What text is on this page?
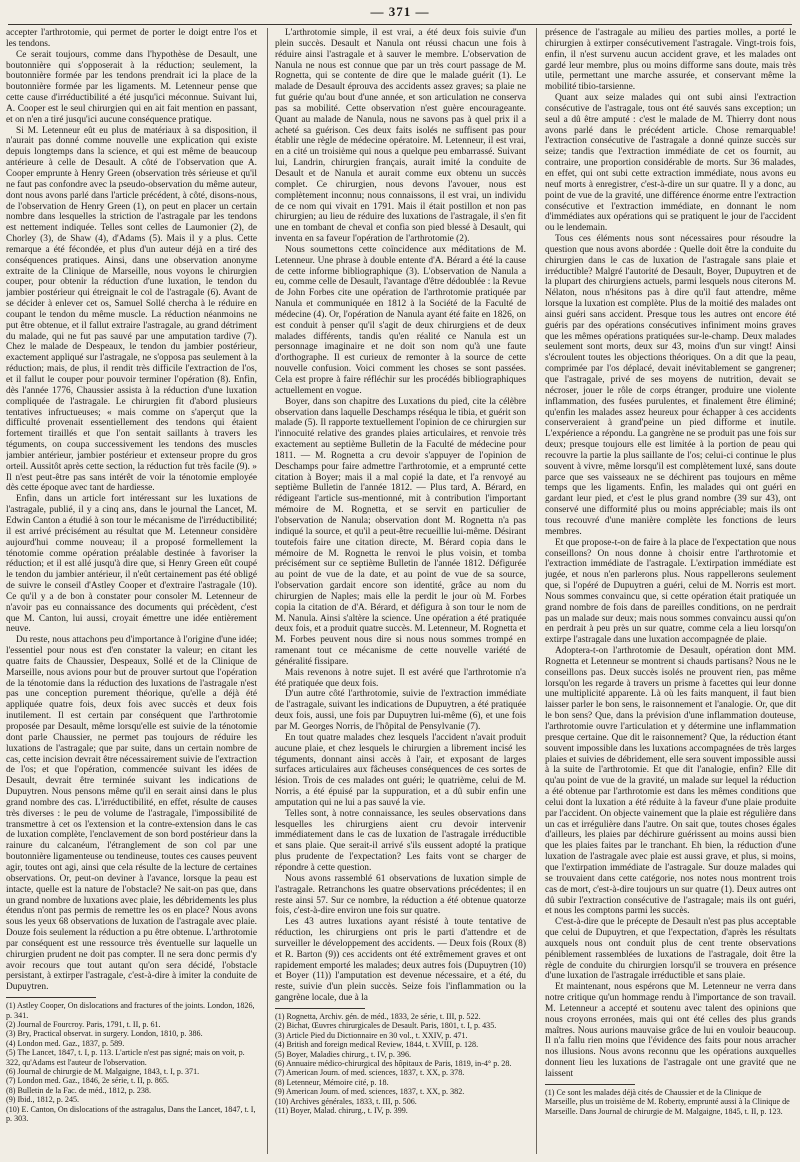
— 371 —

accepter l'arthrotomie, qui permet de porter le doigt entre l'os et les tendons.

Ce serait toujours, comme dans l'hypothèse de Desault, une boutonnière qui s'opposerait à la réduction; seulement, la boutonnière formée par les tendons prendrait ici la place de la boutonnière formée par les ligaments. M. Letenneur pense que cette cause d'irréductibilité a été jusqu'ici méconnue. Suivant lui, A. Cooper est le seul chirurgien qui en ait fait mention en passant, et on n'en a tiré jusqu'ici aucune conséquence pratique.

Si M. Letenneur eût eu plus de matériaux à sa disposition, il n'aurait pas donné comme nouvelle une explication qui existe depuis longtemps dans la science, et qui est même de beaucoup antérieure à celle de Desault. A côté de l'observation que A. Cooper emprunte à Henry Green (observation très sérieuse et qu'il ne faut pas confondre avec la pseudo-observation du même auteur, dont nous avons parlé dans l'article précédent, à côté, disons-nous, de l'observation de Henry Green (1), on peut en placer un certain nombre dans lesquelles la striction de l'astragale par les tendons est nettement indiquée. Telles sont celles de Laumonier (2), de Chorley (3), de Shaw (4), d'Adams (5). Mais il y a plus. Cette remarque a été fécondée, et plus d'un auteur déjà en a tiré des conséquences pratiques. Ainsi, dans une observation anonyme extraite de la Clinique de Marseille, nous voyons le chirurgien couper, pour obtenir la réduction d'une luxation, le tendon du jambier postérieur qui étreignait le col de l'astragale (6). Avant de se décider à enlever cet os, Samuel Sollé chercha à le réduire en coupant le tendon du même muscle. La réduction néanmoins ne put être obtenue, et il fallut extraire l'astragale, au grand détriment du malade, qui ne fut pas sauvé par une amputation tardive (7). Chez le malade de Despeaux, le tendon du jambier postérieur, exactement appliqué sur l'astragale, ne s'opposa pas seulement à la réduction; mais, de plus, il rendit très difficile l'extraction de l'os, et il fallut le couper pour pouvoir terminer l'opération (8). Enfin, dès l'année 1776, Chaussier assista à la réduction d'une luxation compliquée de l'astragale. Le chirurgien fit d'abord plusieurs tentatives infructueuses; « mais comme on s'aperçut que la difficulté provenait essentiellement des tendons qui étaient fortement tiraillés et que l'on sentait saillants à travers les téguments, on coupa successivement les tendons des muscles jambier antérieur, jambier postérieur et extenseur propre du gros orteil. Aussitôt après cette section, la réduction fut très facile (9). » Il n'est peut-être pas sans intérêt de voir la ténotomie employée dès cette époque avec tant de hardiesse.

Enfin, dans un article fort intéressant sur les luxations de l'astragale, publié, il y a cinq ans, dans le journal the Lancet, M. Edwin Canton a étudié à son tour le mécanisme de l'irréductibilité; il est arrivé précisément au résultat que M. Letenneur considère aujourd'hui comme nouveau; il a proposé formellement la ténotomie comme opération préalable destinée à favoriser la réduction; et il est allé jusqu'à dire que, si Henry Green eût coupé le tendon du jambier antérieur, il n'eût certainement pas été obligé de suivre le conseil d'Astley Cooper et d'extraire l'astragale (10). Ce qu'il y a de bon à constater pour consoler M. Letenneur de n'avoir pas eu connaissance des documents qui précèdent, c'est que M. Canton, lui aussi, croyait émettre une idée entièrement neuve.

Du reste, nous attachons peu d'importance à l'origine d'une idée; l'essentiel pour nous est d'en constater la valeur; en citant les quatre faits de Chaussier, Despeaux, Sollé et de la Clinique de Marseille, nous avions pour but de prouver surtout que l'opération de la ténotomie dans la réduction des luxations de l'astragale n'est pas une conception purement théorique, qu'elle a déjà été appliquée quatre fois, deux fois avec succès et deux fois inutilement. Il est certain par conséquent que l'arthrotomie proposée par Desault, même lorsqu'elle est suivie de la ténotomie dont parle Chaussier, ne permet pas toujours de réduire les luxations de l'astragale; que par suite, dans un certain nombre de cas, cette incision devrait être nécessairement suivie de l'extraction de l'os; et que l'opération, commencée suivant les idées de Desault, devrait être terminée suivant les indications de Dupuytren. Nous pensons même qu'il en serait ainsi dans le plus grand nombre des cas. L'irréductibilité, en effet, résulte de causes très diverses : le peu de volume de l'astragale, l'impossibilité de transmettre à cet os l'extension et la contre-extension dans le cas de luxation complète, l'enclavement de son bord postérieur dans la rainure du calcanéum, l'étranglement de son col par une boutonnière ligamenteuse ou tendineuse, toutes ces causes peuvent agir, toutes ont agi, ainsi que cela résulte de la lecture de certaines observations. Or, peut-on deviner à l'avance, lorsque la peau est intacte, quelle est la nature de l'obstacle? Ne sait-on pas que, dans un grand nombre de luxations avec plaie, les débridements les plus étendus n'ont pas permis de remettre les os en place? Nous avons sous les yeux 68 observations de luxation de l'astragale avec plaie. Douze fois seulement la réduction a pu être obtenue. L'arthrotomie par conséquent est une ressource très éventuelle sur laquelle un chirurgien prudent ne doit pas compter. Il ne sera donc permis d'y avoir recours que tout autant qu'on sera décidé, l'obstacle persistant, à extirper l'astragale, c'est-à-dire à imiter la conduite de Dupuytren.

(1) Astley Cooper, On dislocations and fractures of the joints. London, 1826, p. 341.
(2) Journal de Fourcroy. Paris, 1791, t. II, p. 61.
(3) Bry, Practical observat. in surgery. London, 1810, p. 386.
(4) London med. Gaz., 1837, p. 589.
(5) The Lancet, 1847, t. I, p. 113. L'article n'est pas signé; mais on voit, p. 322, qu'Adams est l'auteur de l'observation.
(6) Journal de chirurgie de M. Malgaigne, 1843, t. I, p. 371.
(7) London med. Gaz., 1846, 2e série, t. II, p. 865.
(8) Bulletin de la Fac. de méd., 1812, p. 238.
(9) Ibid., 1812, p. 245.
(10) E. Canton, On dislocations of the astragalus, Dans the Lancet, 1847, t. I, p. 303.

L'arthrotomie simple, il est vrai, a été deux fois suivie d'un plein succès. Desault et Nanula ont réussi chacun une fois à réduire ainsi l'astragale et à sauver le membre. L'observation de Nanula ne nous est connue que par un très court passage de M. Rognetta, qui se contente de dire que le malade guérit (1). Le malade de Desault éprouva des accidents assez graves; sa plaie ne fut guérie qu'au bout d'une année, et son articulation ne conserva pas sa mobilité. Cette observation n'est guère encourageante. Quant au malade de Nanula, nous ne savons pas à quel prix il a acheté sa guérison. Ces deux faits isolés ne suffisent pas pour établir une règle de médecine opératoire. M. Letenneur, il est vrai, en a cité un troisième qui nous a quelque peu embarrassé. Suivant lui, Landrin, chirurgien français, aurait imité la conduite de Desault et de Nanula et aurait comme eux obtenu un succès complet. Ce chirurgien, nous devons l'avouer, nous est complètement inconnu; nous connaissons, il est vrai, un individu de ce nom qui vivait en 1791. Mais il était postillon et non pas chirurgien; au lieu de réduire des luxations de l'astragale, il s'en fit une en tombant de cheval et confia son pied blessé à Desault, qui inventa en sa faveur l'opération de l'arthrotomie (2).

Nous soumettons cette coïncidence aux méditations de M. Letenneur. Une phrase à double entente d'A. Bérard a été la cause de cette informe bibliographique (3). L'observation de Nanula a eu, comme celle de Desault, l'avantage d'être dédoublée : la Revue de John Forbes cite une opération de l'arthrotomie pratiquée par Nanula et communiquée en 1812 à la Société de la Faculté de médecine (4). Or, l'opération de Nanula ayant été faite en 1826, on est conduit à penser qu'il s'agit de deux chirurgiens et de deux malades différents, tandis qu'en réalité ce Nanula est un personnage imaginaire et ne doit son nom qu'à une faute d'orthographe. Il est curieux de remonter à la source de cette nouvelle confusion. Voici comment les choses se sont passées. Cela est propre à faire réfléchir sur les procédés bibliographiques actuellement en vogue.

Boyer, dans son chapitre des Luxations du pied, cite la célèbre observation dans laquelle Deschamps réséqua le tibia, et guérit son malade (5). Il rapporte textuellement l'opinion de ce chirurgien sur l'innocuité relative des grandes plaies articulaires, et renvoie très exactement au septième Bulletin de la Faculté de médecine pour 1811. — M. Rognetta a cru devoir s'appuyer de l'opinion de Deschamps pour faire admettre l'arthrotomie, et a emprunté cette citation à Boyer; mais il a mal copié la date, et l'a renvoyé au septième Bulletin de l'année 1812. — Plus tard, A. Bérard, en rédigeant l'article sus-mentionné, mit à contribution l'important mémoire de M. Rognetta, et se servit en particulier de l'observation de Nanula; observation dont M. Rognetta n'a pas indiqué la source, et qu'il a peut-être recueillie lui-même. Désirant toutefois faire une citation directe, M. Bérard copia dans le mémoire de M. Rognetta le renvoi le plus voisin, et tomba précisément sur ce septième Bulletin de l'année 1812. Défigurée au point de vue de la date, et au point de vue de sa source, l'observation gardait encore son identité, grâce au nom du chirurgien de Naples; mais elle la perdit le jour où M. Forbes copia la citation de d'A. Bérard, et défigura à son tour le nom de M. Nanula. Ainsi s'altère la science. Une opération a été pratiquée deux fois, et a produit quatre succès. M. Letenneur, M. Rognetta et M. Forbes peuvent nous dire si nous nous sommes trompé en ramenant tout ce mécanisme de cette nouvelle variété de généralité fissipare.

Mais revenons à notre sujet. Il est avéré que l'arthrotomie n'a été pratiquée que deux fois.

D'un autre côté l'arthrotomie, suivie de l'extraction immédiate de l'astragale, suivant les indications de Dupuytren, a été pratiquée deux fois, aussi, une fois par Dupuytren lui-même (6), et une fois par M. Georges Norris, de l'hôpital de Pensylvanie (7).

En tout quatre malades chez lesquels l'accident n'avait produit aucune plaie, et chez lesquels le chirurgien a librement incisé les téguments, donnant ainsi accès à l'air, et exposant de larges surfaces articulaires aux fâcheuses conséquences de ces sortes de lésion. Trois de ces malades ont guéri; le quatrième, celui de M. Norris, a été épuisé par la suppuration, et a dû subir enfin une amputation qui ne lui a pas sauvé la vie.

Telles sont, à notre connaissance, les seules observations dans lesquelles les chirurgiens aient cru devoir intervenir immédiatement dans le cas de luxation de l'astragale irréductible et sans plaie. Que serait-il arrivé s'ils eussent adopté la pratique plus prudente de l'expectation? Les faits vont se charger de répondre à cette question.

Nous avons rassemblé 61 observations de luxation simple de l'astragale. Retranchons les quatre observations précédentes; il en reste ainsi 57. Sur ce nombre, la réduction a été obtenue quatorze fois, c'est-à-dire environ une fois sur quatre.

Les 43 autres luxations ayant résisté à toute tentative de réduction, les chirurgiens ont pris le parti d'attendre et de surveiller le développement des accidents. — Deux fois (Roux (8) et R. Barton (9)) ces accidents ont été extrêmement graves et ont rapidement emporté les malades; deux autres fois (Dupuytren (10) et Boyer (11)) l'amputation est devenue nécessaire, et a été, du reste, suivie d'un plein succès. Seize fois l'inflammation ou la gangrène locale, due à la

(1) Rognetta, Archiv. gén. de méd., 1833, 2e série, t. III, p. 522.
(2) Bichat, Œuvres chirurgicales de Desault. Paris, 1801, t. I, p. 435.
(3) Article Pied du Dictionnaire en 30 vol., t. XXIV, p. 471.
(4) British and foreign medical Review, 1844, t. XVIII, p. 128.
(5) Boyer, Maladies chirurg., t. IV, p. 396.
(6) Annuaire médico-chirurgical des hôpitaux de Paris, 1819, in-4° p. 28.
(7) American Journ. of med. sciences, 1837, t. XX, p. 378.
(8) Letenneur, Mémoire cité, p. 18.
(9) American Journ. of med. sciences, 1837, t. XX, p. 382.
(10) Archives générales, 1833, t. III, p. 506.
(11) Boyer, Malad. chirurg., t. IV, p. 399.

présence de l'astragale au milieu des parties molles, a porté le chirurgien à extirper consécutivement l'astragale. Vingt-trois fois, enfin, il n'est survenu aucun accident grave, et les malades ont gardé leur membre, plus ou moins difforme sans doute, mais très utile, permettant une marche assurée, et conservant même la mobilité tibio-tarsienne.

Quant aux seize malades qui ont subi ainsi l'extraction consécutive de l'astragale, tous ont été sauvés sans exception; un seul a dû être amputé : c'est le malade de M. Thierry dont nous avons parlé dans le précédent article. Chose remarquable! l'extraction consécutive de l'astragale a donné quinze succès sur seize; tandis que l'extraction immédiate de cet os fournit, au contraire, une proportion considérable de morts. Sur 36 malades, en effet, qui ont subi cette extraction immédiate, nous avons eu neuf morts à enregistrer, c'est-à-dire un sur quatre. Il y a donc, au point de vue de la gravité, une différence énorme entre l'extraction consécutive et l'extraction immédiate, en donnant le nom d'immédiates aux opérations qui se pratiquent le jour de l'accident ou le lendemain.

Tous ces éléments nous sont nécessaires pour résoudre la question que nous avons abordée : Quelle doit être la conduite du chirurgien dans le cas de luxation de l'astragale sans plaie et irréductible? Malgré l'autorité de Desault, Boyer, Dupuytren et de la plupart des chirurgiens actuels, parmi lesquels nous citerons M. Nélaton, nous n'hésitons pas à dire qu'il faut attendre, même lorsque la luxation est complète. Plus de la moitié des malades ont ainsi guéri sans accident. Presque tous les autres ont encore été guéris par des opérations consécutives infiniment moins graves que les mêmes opérations pratiquées sur-le-champ. Deux malades seulement sont morts, deux sur 43, moins d'un sur vingt! Ainsi s'écroulent toutes les objections théoriques. On a dit que la peau, comprimée par l'os déplacé, devait inévitablement se gangrener; que l'astragale, privé de ses moyens de nutrition, devait se nécroser, jouer le rôle de corps étranger, produire une violente inflammation, des fusées purulentes, et finalement être éliminé; qu'enfin les malades assez heureux pour échapper à ces accidents conserveraient à grand'peine un pied difforme et inutile. L'expérience a répondu. La gangrène ne se produit pas une fois sur deux; presque toujours elle est limitée à la portion de peau qui recouvre la partie la plus saillante de l'os; celui-ci continue le plus souvent à vivre, même lorsqu'il est complètement luxé, sans doute parce que ses vaisseaux ne se déchirent pas toujours en même temps que les ligaments. Enfin, les malades qui ont guéri en gardant leur pied, et c'est le plus grand nombre (39 sur 43), ont conservé une difformité plus ou moins appréciable; mais ils ont tous recouvré d'une manière complète les fonctions de leurs membres.

Et que propose-t-on de faire à la place de l'expectation que nous conseillons? On nous donne à choisir entre l'arthrotomie et l'extraction immédiate de l'astragale. L'extirpation immédiate est jugée, et nous n'en parlerons plus. Nous rappellerons seulement que, si l'opéré de Dupuytren a guéri, celui de M. Norris est mort. Nous sommes convaincu que, si cette opération était pratiquée un grand nombre de fois dans de pareilles conditions, on ne perdrait pas un malade sur deux; mais nous sommes convaincu aussi qu'on en perdrait à peu près un sur quatre, comme cela a lieu lorsqu'on extirpe l'astragale dans une luxation accompagnée de plaie.

Adoptera-t-on l'arthrotomie de Desault, opération dont MM. Rognetta et Letenneur se montrent si chauds partisans? Nous ne le conseillons pas. Deux succès isolés ne prouvent rien, pas même lorsqu'on les regarde à travers un prisme à facettes qui leur donne une multiplicité apparente. Là où les faits manquent, il faut bien laisser parler le bon sens, le raisonnement et l'analogie. Or, que dit le bon sens? Que, dans la prévision d'une inflammation douteuse, l'arthrotomie ouvre l'articulation et y détermine une inflammation presque certaine. Que dit le raisonnement? Que, la réduction étant souvent impossible dans les luxations accompagnées de très larges plaies et suivies de débridement, elle sera souvent impossible aussi à la suite de l'arthrotomie. Et que dit l'analogie, enfin? Elle dit qu'au point de vue de la gravité, un malade sur lequel la réduction a été obtenue par l'arthrotomie est dans les mêmes conditions que celui dont la luxation a été réduite à la faveur d'une plaie produite par l'accident. On objecte vainement que la plaie est régulière dans un cas et irrégulière dans l'autre. On sait que, toutes choses égales d'ailleurs, les plaies par déchirure guérissent au moins aussi bien que les plaies faites par le tranchant. Eh bien, la réduction d'une luxation de l'astragale avec plaie est aussi grave, et plus, si moins, que l'extirpation immédiate de l'astragale. Sur douze malades qui se trouvaient dans cette catégorie, nos notes nous montrent trois cas de mort, c'est-à-dire toujours un sur quatre (1). Deux autres ont dû subir l'extraction consécutive de l'astragale; mais ils ont guéri, et nous les comptons parmi les succès.

C'est-à-dire que le précepte de Desault n'est pas plus acceptable que celui de Dupuytren, et que l'expectation, d'après les résultats auxquels nous ont conduit plus de cent trente observations péniblement rassemblées de luxations de l'astragale, doit être la règle de conduite du chirurgien lorsqu'il se trouvera en présence d'une luxation de l'astragale irréductible et sans plaie.

Et maintenant, nous espérons que M. Letenneur ne verra dans notre critique qu'un hommage rendu à l'importance de son travail. M. Letenneur a accepté et soutenu avec talent des opinions que nous croyons erronées, mais qui ont été celles des plus grands maîtres. Nous aurions mauvaise grâce de lui en vouloir beaucoup. Il n'a fallu rien moins que l'évidence des faits pour nous arracher nos illusions. Nous avons reconnu que les opérations auxquelles donnent lieu les luxations de l'astragale ont une gravité que ne laissent

(1) Ce sont les malades déjà cités de Chaussier et de la Clinique de Marseille, plus un troisième de M. Roberty, emprunté aussi à la Clinique de Marseille. Dans Journal de chirurgie de M. Malgaigne, 1845, t. II, p. 123.
